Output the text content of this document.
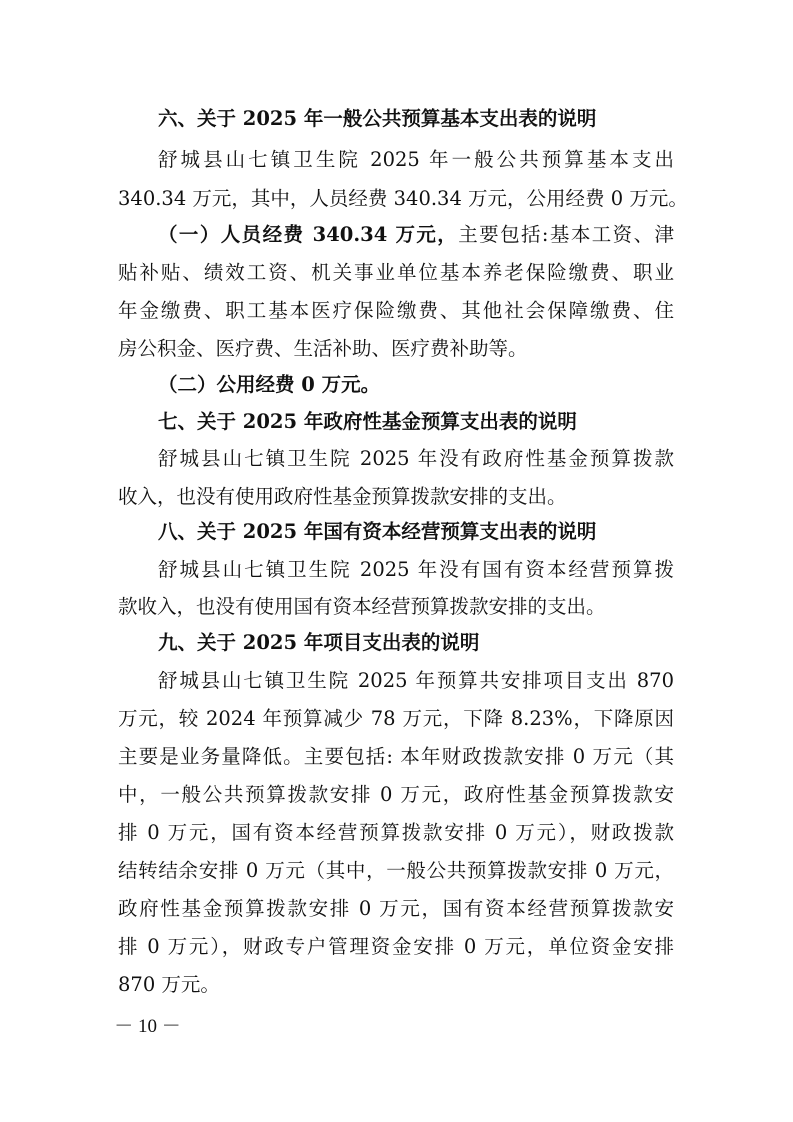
六、关于 2025 年一般公共预算基本支出表的说明
舒城县山七镇卫生院 2025 年一般公共预算基本支出
340.34 万元，其中，人员经费 340.34 万元，公用经费 0 万元。
（一）人员经费 340.34 万元，主要包括:基本工资、津
贴补贴、绩效工资、机关事业单位基本养老保险缴费、职业
年金缴费、职工基本医疗保险缴费、其他社会保障缴费、住
房公积金、医疗费、生活补助、医疗费补助等。
（二）公用经费 0 万元。
七、关于 2025 年政府性基金预算支出表的说明
舒城县山七镇卫生院 2025 年没有政府性基金预算拨款
收入，也没有使用政府性基金预算拨款安排的支出。
八、关于 2025 年国有资本经营预算支出表的说明
舒城县山七镇卫生院 2025 年没有国有资本经营预算拨
款收入，也没有使用国有资本经营预算拨款安排的支出。
九、关于 2025 年项目支出表的说明
舒城县山七镇卫生院 2025 年预算共安排项目支出 870
万元，较 2024 年预算减少 78 万元，下降 8.23%，下降原因
主要是业务量降低。主要包括: 本年财政拨款安排 0 万元（其
中，一般公共预算拨款安排 0 万元，政府性基金预算拨款安
排 0 万元，国有资本经营预算拨款安排 0 万元），财政拨款
结转结余安排 0 万元（其中，一般公共预算拨款安排 0 万元，
政府性基金预算拨款安排 0 万元，国有资本经营预算拨款安
排 0 万元），财政专户管理资金安排 0 万元，单位资金安排
870 万元。
－ 10 －
